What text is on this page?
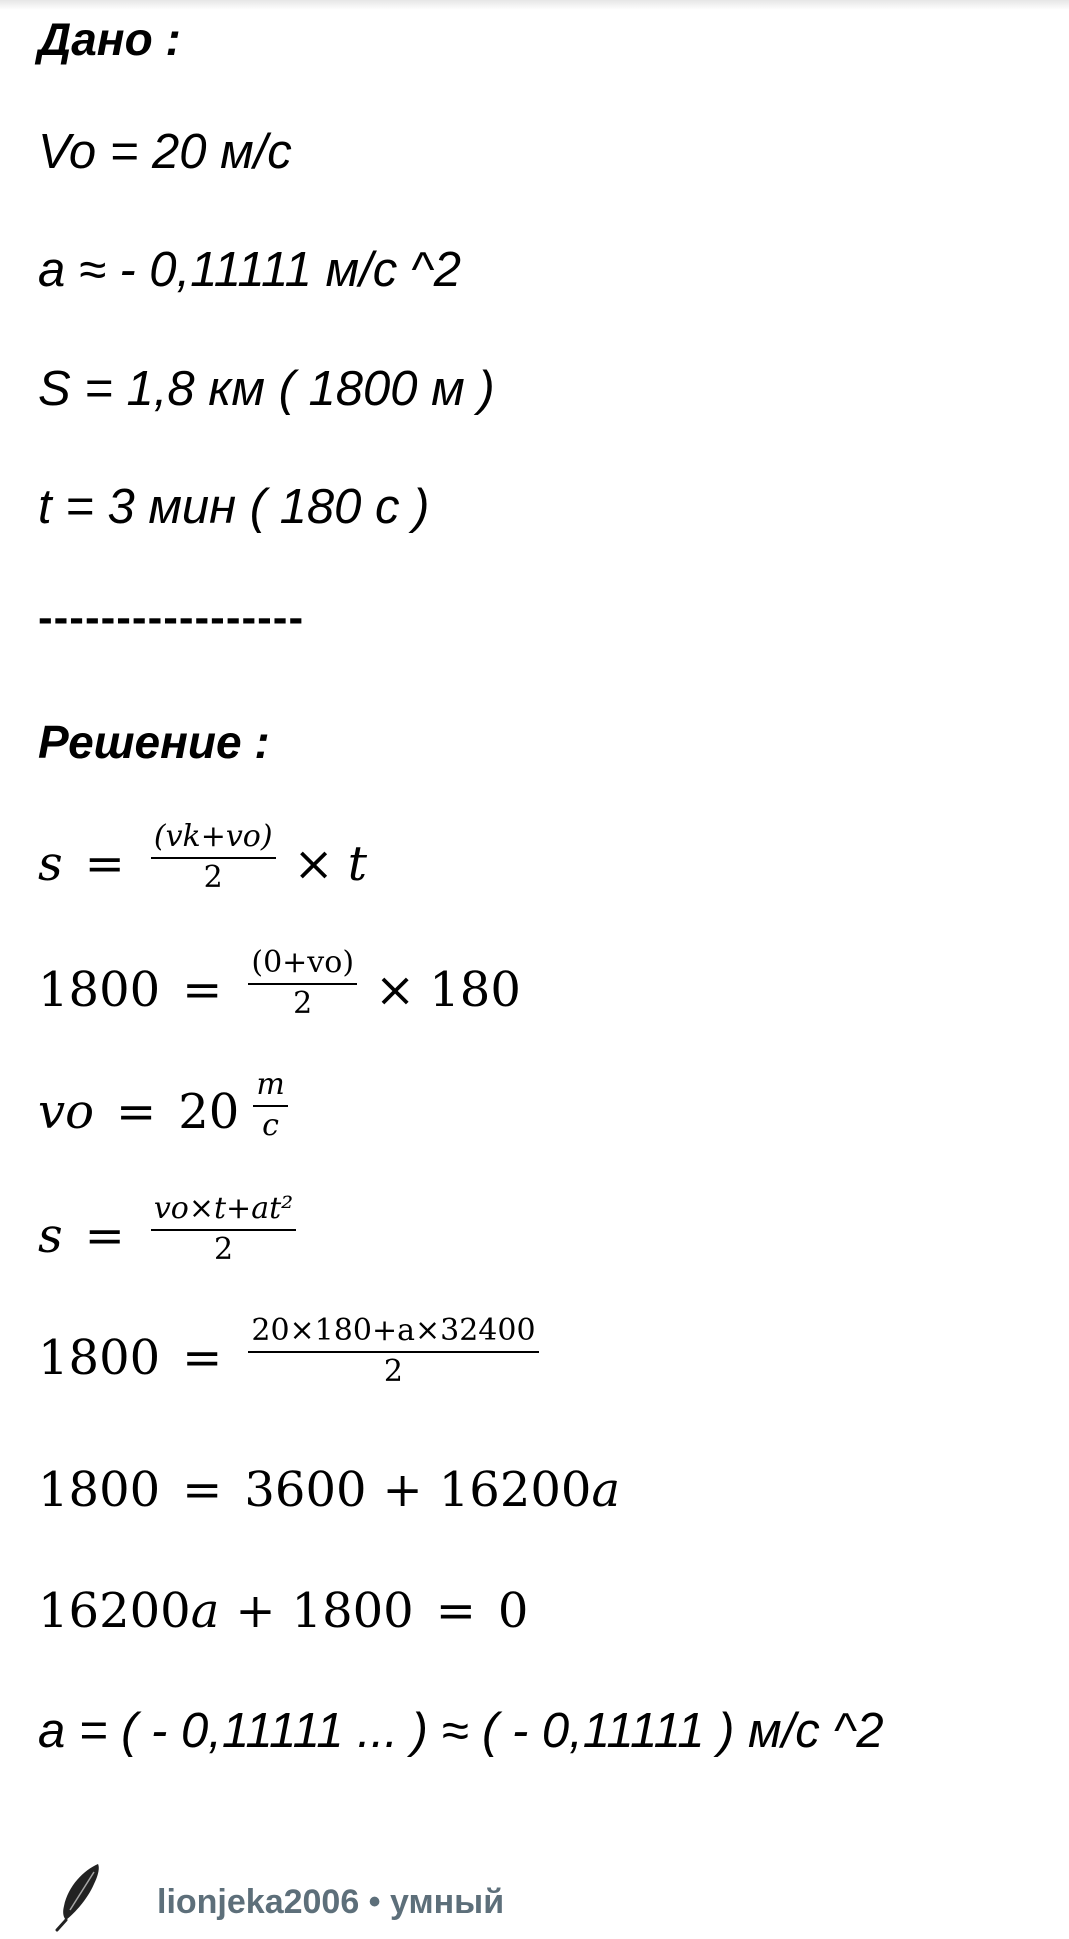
Дано :
Vo = 20 м/с
a ≈ - 0,11111 м/с ^2
S = 1,8 км ( 1800 м )
t = 3 мин ( 180 с )
-----------------
Решение :
$s = \frac{(vk+vo)}{2} \times t$
$1800 = \frac{(0+vo)}{2} \times 180$
vo = $20 \frac{m}{c}$
$s = \frac{\text{vo×t+at²}}{2}$
$1800 = \frac{20\times 180+a\times 32400}{2}$
1800 = 3600 + 16200 a
16200 a + 1800 = 0
a = ( - 0,11111 ... ) ≈ ( - 0,11111 ) м/с ^2
lionjeka2006 • умный
